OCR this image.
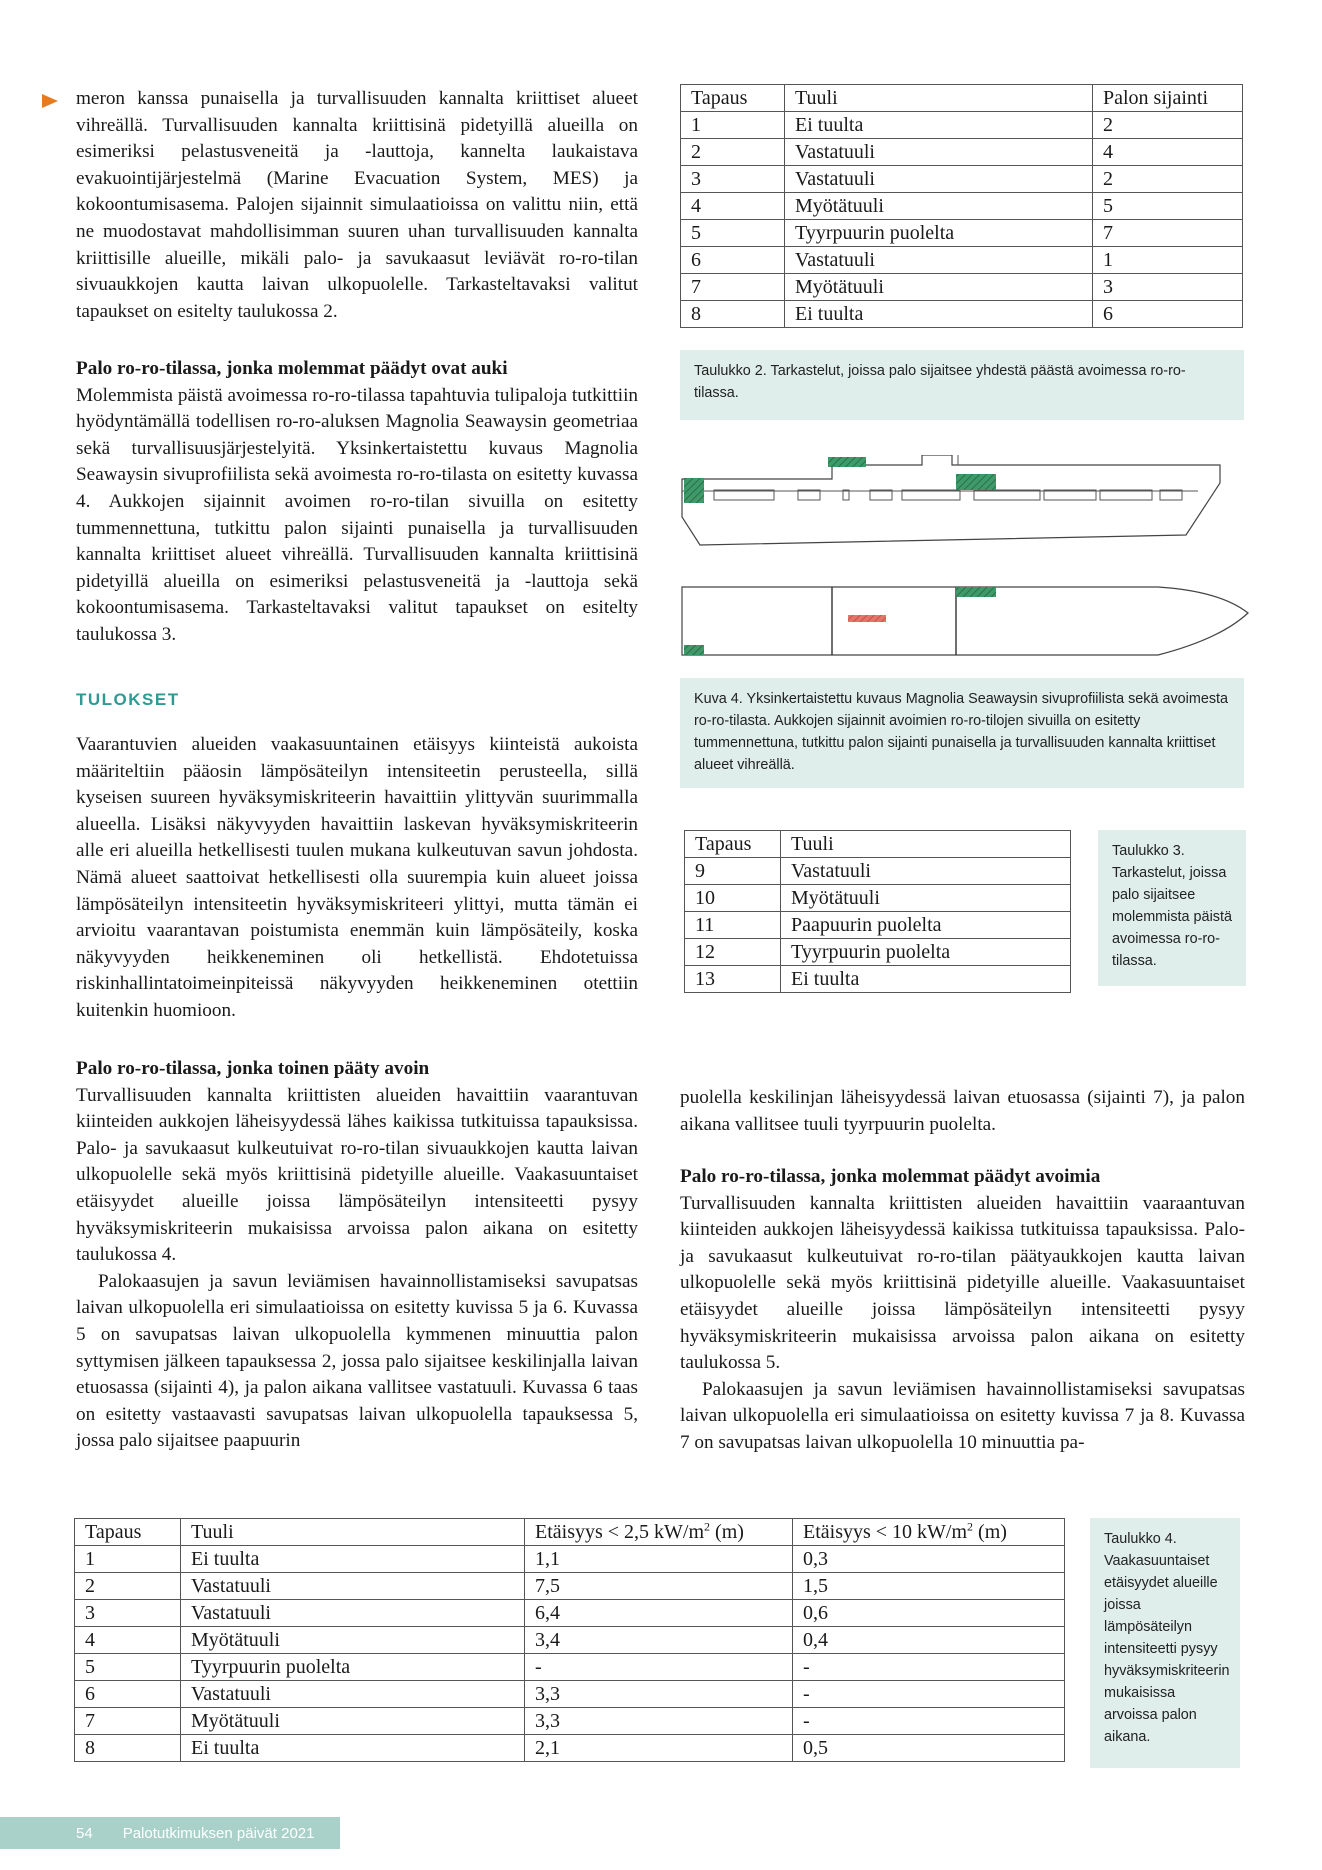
meron kanssa punaisella ja turvallisuuden kannalta kriittiset alueet vihreällä. Turvallisuuden kannalta kriittisinä pidetyillä alueilla on esimeriksi pelastusveneitä ja -lauttoja, kannelta laukaistava evakuointijärjestelmä (Marine Evacuation System, MES) ja kokoontumisasema. Palojen sijainnit simulaatioissa on valittu niin, että ne muodostavat mahdollisimman suuren uhan turvallisuuden kannalta kriittisille alueille, mikäli palo- ja savukaasut leviävät ro-ro-tilan sivuaukkojen kautta laivan ulkopuolelle. Tarkasteltavaksi valitut tapaukset on esitelty taulukossa 2.

Palo ro-ro-tilassa, jonka molemmat päädyt ovat auki

Molemmista päistä avoimessa ro-ro-tilassa tapahtuvia tulipaloja tutkittiin hyödyntämällä todellisen ro-ro-aluksen Magnolia Seawaysin geometriaa sekä turvallisuusjärjestelyitä. Yksinkertaistettu kuvaus Magnolia Seawaysin sivuprofiilista sekä avoimesta ro-ro-tilasta on esitetty kuvassa 4. Aukkojen sijainnit avoimen ro-ro-tilan sivuilla on esitetty tummennettuna, tutkittu palon sijainti punaisella ja turvallisuuden kannalta kriittiset alueet vihreällä. Turvallisuuden kannalta kriittisinä pidetyillä alueilla on esimeriksi pelastusveneitä ja -lauttoja sekä kokoontumisasema. Tarkasteltavaksi valitut tapaukset on esitelty taulukossa 3.

TULOKSET

Vaarantuvien alueiden vaakasuuntainen etäisyys kiinteistä aukoista määriteltiin pääosin lämpösäteilyn intensiteetin perusteella, sillä kyseisen suureen hyväksymiskriteerin havaittiin ylittyvän suurimmalla alueella. Lisäksi näkyvyyden havaittiin laskevan hyväksymiskriteerin alle eri alueilla hetkellisesti tuulen mukana kulkeutuvan savun johdosta. Nämä alueet saattoivat hetkellisesti olla suurempia kuin alueet joissa lämpösäteilyn intensiteetin hyväksymiskriteeri ylittyi, mutta tämän ei arvioitu vaarantavan poistumista enemmän kuin lämpösäteily, koska näkyvyyden heikkeneminen oli hetkellistä. Ehdotetuissa riskinhallintatoimeinpiteissä näkyvyyden heikkeneminen otettiin kuitenkin huomioon.

Palo ro-ro-tilassa, jonka toinen pääty avoin

Turvallisuuden kannalta kriittisten alueiden havaittiin vaarantuvan kiinteiden aukkojen läheisyydessä lähes kaikissa tutkituissa tapauksissa. Palo- ja savukaasut kulkeutuivat ro-ro-tilan sivuaukkojen kautta laivan ulkopuolelle sekä myös kriittisinä pidetyille alueille. Vaakasuuntaiset etäisyydet alueille joissa lämpösäteilyn intensiteetti pysyy hyväksymiskriteerin mukaisissa arvoissa palon aikana on esitetty taulukossa 4.

Palokaasujen ja savun leviämisen havainnollistamiseksi savupatsas laivan ulkopuolella eri simulaatioissa on esitetty kuvissa 5 ja 6. Kuvassa 5 on savupatsas laivan ulkopuolella kymmenen minuuttia palon syttymisen jälkeen tapauksessa 2, jossa palo sijaitsee keskilinjalla laivan etuosassa (sijainti 4), ja palon aikana vallitsee vastatuuli. Kuvassa 6 taas on esitetty vastaavasti savupatsas laivan ulkopuolella tapauksessa 5, jossa palo sijaitsee paapuurin

Tapaus	Tuuli	Palon sijainti
1	Ei tuulta	2
2	Vastatuuli	4
3	Vastatuuli	2
4	Myötätuuli	5
5	Tyyrpuurin puolelta	7
6	Vastatuuli	1
7	Myötätuuli	3
8	Ei tuulta	6
Taulukko 2. Tarkastelut, joissa palo sijaitsee yhdestä päästä avoimessa ro-ro-tilassa.
Kuva 4. Yksinkertaistettu kuvaus Magnolia Seawaysin sivuprofiilista sekä avoimesta ro-ro-tilasta. Aukkojen sijainnit avoimien ro-ro-tilojen sivuilla on esitetty tummennettuna, tutkittu palon sijainti punaisella ja turvallisuuden kannalta kriittiset alueet vihreällä.
Tapaus	Tuuli
9	Vastatuuli
10	Myötätuuli
11	Paapuurin puolelta
12	Tyyrpuurin puolelta
13	Ei tuulta
Taulukko 3. Tarkastelut, joissa palo sijaitsee molemmista päistä avoimessa ro-ro-tilassa.

puolella keskilinjan läheisyydessä laivan etuosassa (sijainti 7), ja palon aikana vallitsee tuuli tyyrpuurin puolelta.

Palo ro-ro-tilassa, jonka molemmat päädyt avoimia

Turvallisuuden kannalta kriittisten alueiden havaittiin vaaraantuvan kiinteiden aukkojen läheisyydessä kaikissa tutkituissa tapauksissa. Palo- ja savukaasut kulkeutuivat ro-ro-tilan päätyaukkojen kautta laivan ulkopuolelle sekä myös kriittisinä pidetyille alueille. Vaakasuuntaiset etäisyydet alueille joissa lämpösäteilyn intensiteetti pysyy hyväksymiskriteerin mukaisissa arvoissa palon aikana on esitetty taulukossa 5.

Palokaasujen ja savun leviämisen havainnollistamiseksi savupatsas laivan ulkopuolella eri simulaatioissa on esitetty kuvissa 7 ja 8. Kuvassa 7 on savupatsas laivan ulkopuolella 10 minuuttia pa-

Tapaus	Tuuli	Etäisyys < 2,5 $kW/m^2$ (m)	Etäisyys < 10 $kW/m^2$ (m)
1	Ei tuulta	1,1	0,3
2	Vastatuuli	7,5	1,5
3	Vastatuuli	6,4	0,6
4	Myötätuuli	3,4	0,4
5	Tyyrpuurin puolelta	-	-
6	Vastatuuli	3,3	-
7	Myötätuuli	3,3	-
8	Ei tuulta	2,1	0,5
Taulukko 4. Vaakasuuntaiset etäisyydet alueille joissa lämpösäteilyn intensiteetti pysyy hyväksymiskriteerin mukaisissa arvoissa palon aikana.
54 Palotutkimuksen päivät 2021
